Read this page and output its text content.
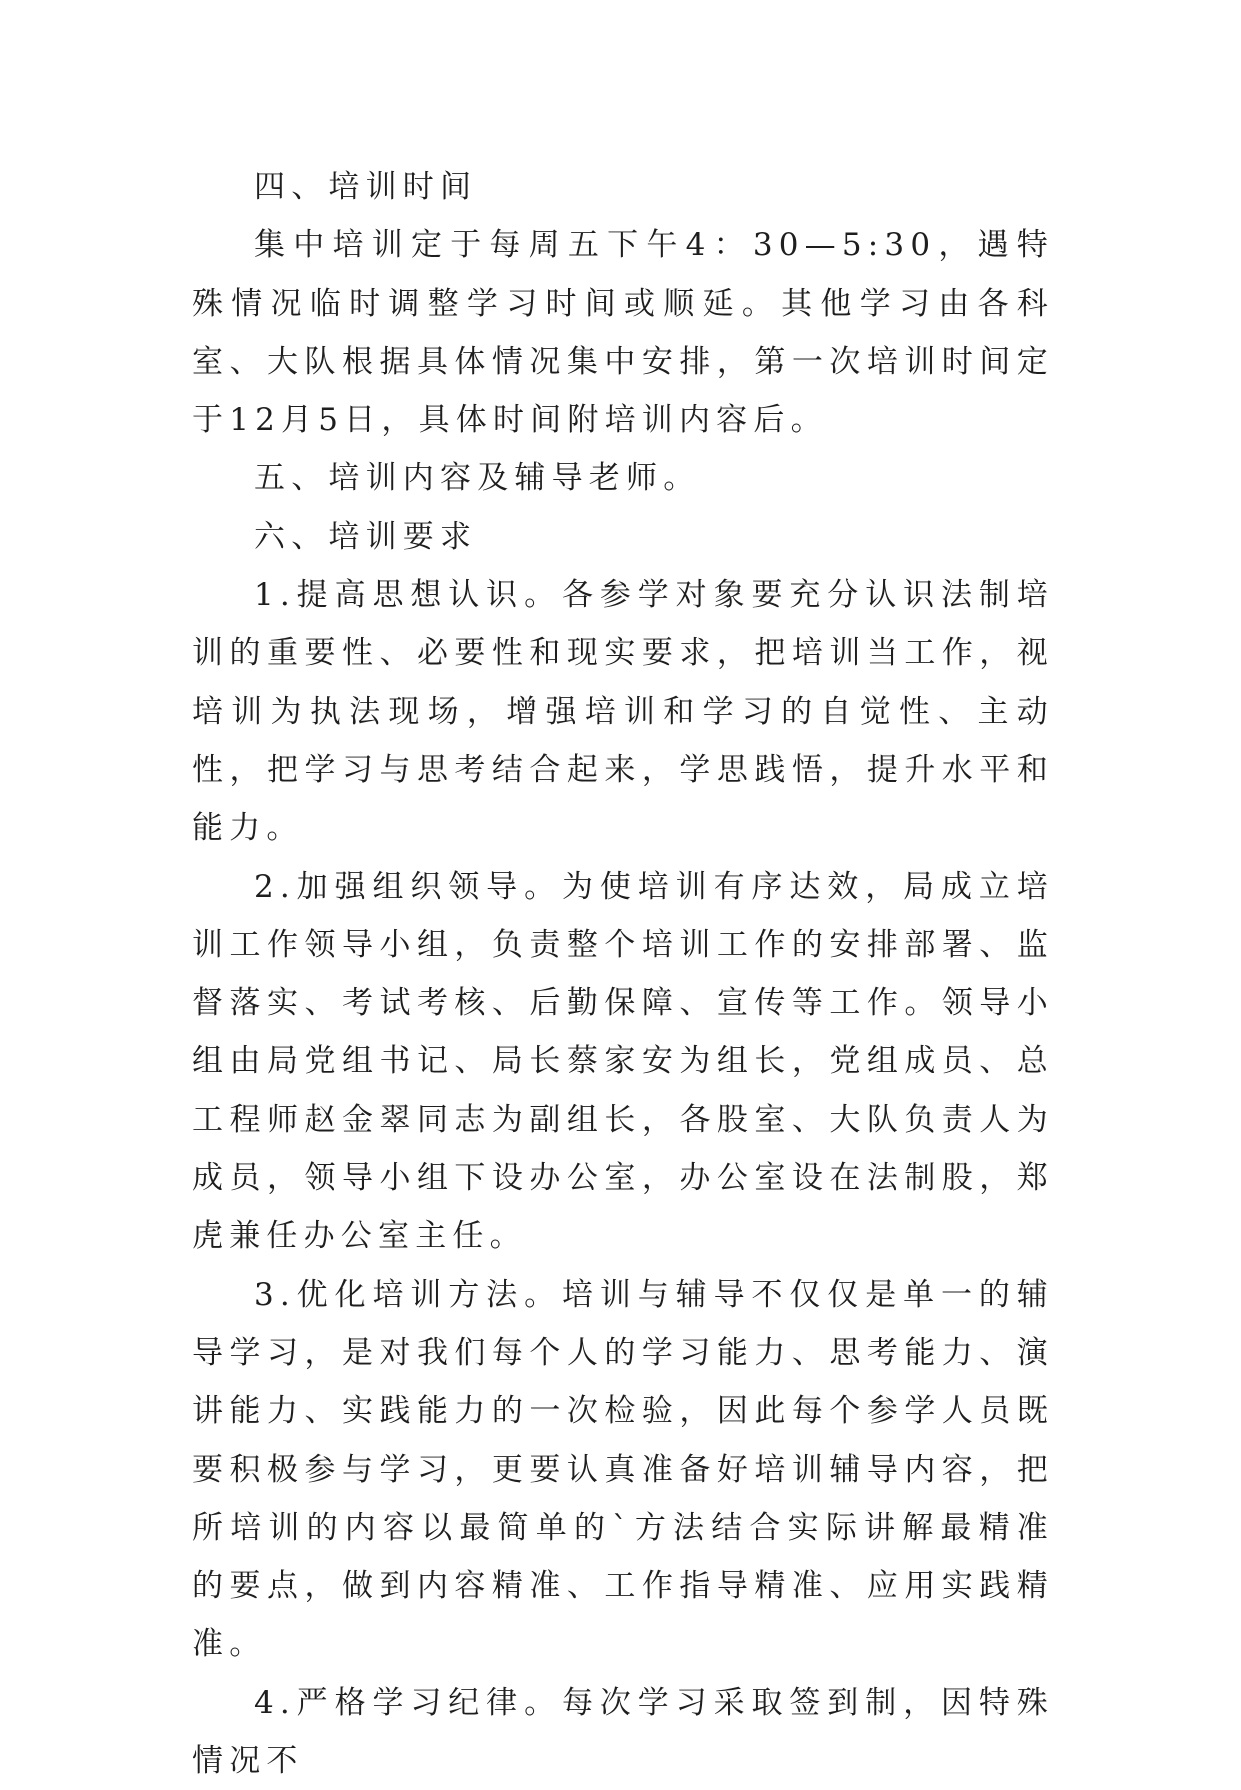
四、培训时间

集中培训定于每周五下午4：30—5:30，遇特殊情况临时调整学习时间或顺延。其他学习由各科室、大队根据具体情况集中安排，第一次培训时间定于12月5日，具体时间附培训内容后。

五、培训内容及辅导老师。

六、培训要求

1.提高思想认识。各参学对象要充分认识法制培训的重要性、必要性和现实要求，把培训当工作，视培训为执法现场，增强培训和学习的自觉性、主动性，把学习与思考结合起来，学思践悟，提升水平和能力。

2.加强组织领导。为使培训有序达效，局成立培训工作领导小组，负责整个培训工作的安排部署、监督落实、考试考核、后勤保障、宣传等工作。领导小组由局党组书记、局长蔡家安为组长，党组成员、总工程师赵金翠同志为副组长，各股室、大队负责人为成员，领导小组下设办公室，办公室设在法制股，郑虎兼任办公室主任。

3.优化培训方法。培训与辅导不仅仅是单一的辅导学习，是对我们每个人的学习能力、思考能力、演讲能力、实践能力的一次检验，因此每个参学人员既要积极参与学习，更要认真准备好培训辅导内容，把所培训的内容以最简单的`方法结合实际讲解最精准的要点，做到内容精准、工作指导精准、应用实践精准。

4.严格学习纪律。每次学习采取签到制，因特殊情况不
